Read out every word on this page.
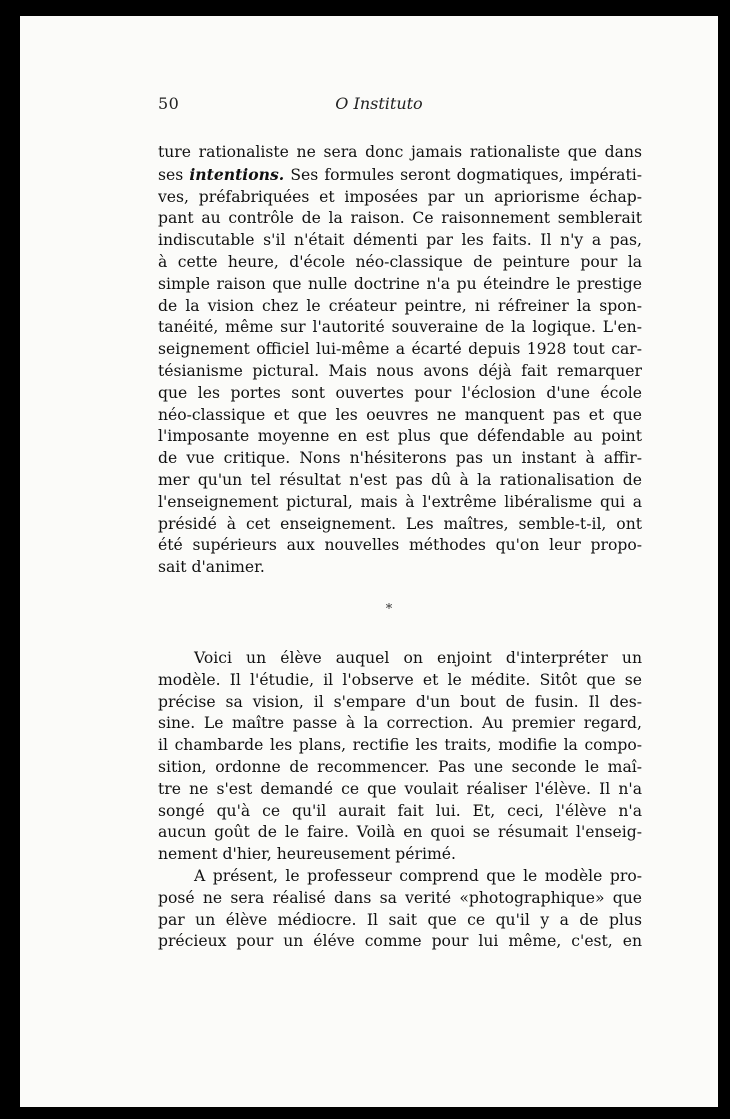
50	O Instituto
ture rationaliste ne sera donc jamais rationaliste que dans
ses intentions. Ses formules seront dogmatiques, impérati-
ves, préfabriquées et imposées par un apriorisme échap-
pant au contrôle de la raison. Ce raisonnement semblerait
indiscutable s'il n'était démenti par les faits. Il n'y a pas,
à cette heure, d'école néo-classique de peinture pour la
simple raison que nulle doctrine n'a pu éteindre le prestige
de la vision chez le créateur peintre, ni réfreiner la spon-
tanéité, même sur l'autorité souveraine de la logique. L'en-
seignement officiel lui-même a écarté depuis 1928 tout car-
tésianisme pictural. Mais nous avons déjà fait remarquer
que les portes sont ouvertes pour l'éclosion d'une école
néo-classique et que les oeuvres ne manquent pas et que
l'imposante moyenne en est plus que défendable au point
de vue critique. Nons n'hésiterons pas un instant à affir-
mer qu'un tel résultat n'est pas dû à la rationalisation de
l'enseignement pictural, mais à l'extrême libéralisme qui a
présidé à cet enseignement. Les maîtres, semble-t-il, ont
été supérieurs aux nouvelles méthodes qu'on leur propo-
sait d'animer.
*
Voici un élève auquel on enjoint d'interpréter un
modèle. Il l'étudie, il l'observe et le médite. Sitôt que se
précise sa vision, il s'empare d'un bout de fusin. Il des-
sine. Le maître passe à la correction. Au premier regard,
il chambarde les plans, rectifie les traits, modifie la compo-
sition, ordonne de recommencer. Pas une seconde le maî-
tre ne s'est demandé ce que voulait réaliser l'élève. Il n'a
songé qu'à ce qu'il aurait fait lui. Et, ceci, l'élève n'a
aucun goût de le faire. Voilà en quoi se résumait l'enseig-
nement d'hier, heureusement périmé.
A présent, le professeur comprend que le modèle pro-
posé ne sera réalisé dans sa verité «photographique» que
par un élève médiocre. Il sait que ce qu'il y a de plus
précieux pour un éléve comme pour lui même, c'est, en
